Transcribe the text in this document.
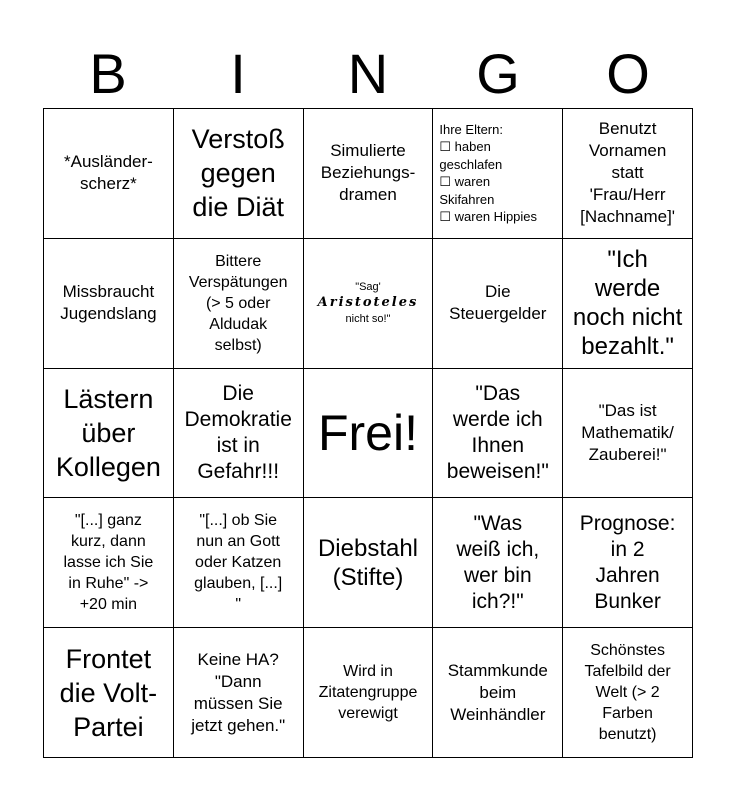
B	I	N	G	O
*Ausländer-
scherz*
Verstoß
gegen
die Diät
Simulierte
Beziehungs-
dramen
Ihre Eltern:
☐ haben
geschlafen
☐ waren
Skifahren
☐ waren Hippies
Benutzt
Vornamen
statt
'Frau/Herr
[Nachname]'
Missbraucht
Jugendslang
Bittere
Verspätungen
(> 5 oder
Aldudak
selbst)
"Sag'
Aristoteles
nicht so!"
Die
Steuergelder
"Ich
werde
noch nicht
bezahlt."
Lästern
über
Kollegen
Die
Demokratie
ist in
Gefahr!!!
Frei!
"Das
werde ich
Ihnen
beweisen!"
"Das ist
Mathematik/
Zauberei!"
"[...] ganz
kurz, dann
lasse ich Sie
in Ruhe" ->
+20 min
"[...] ob Sie
nun an Gott
oder Katzen
glauben, [...]
"
Diebstahl
(Stifte)
"Was
weiß ich,
wer bin
ich?!"
Prognose:
in 2
Jahren
Bunker
Frontet
die Volt-
Partei
Keine HA?
"Dann
müssen Sie
jetzt gehen."
Wird in
Zitatengruppe
verewigt
Stammkunde
beim
Weinhändler
Schönstes
Tafelbild der
Welt (> 2
Farben
benutzt)
